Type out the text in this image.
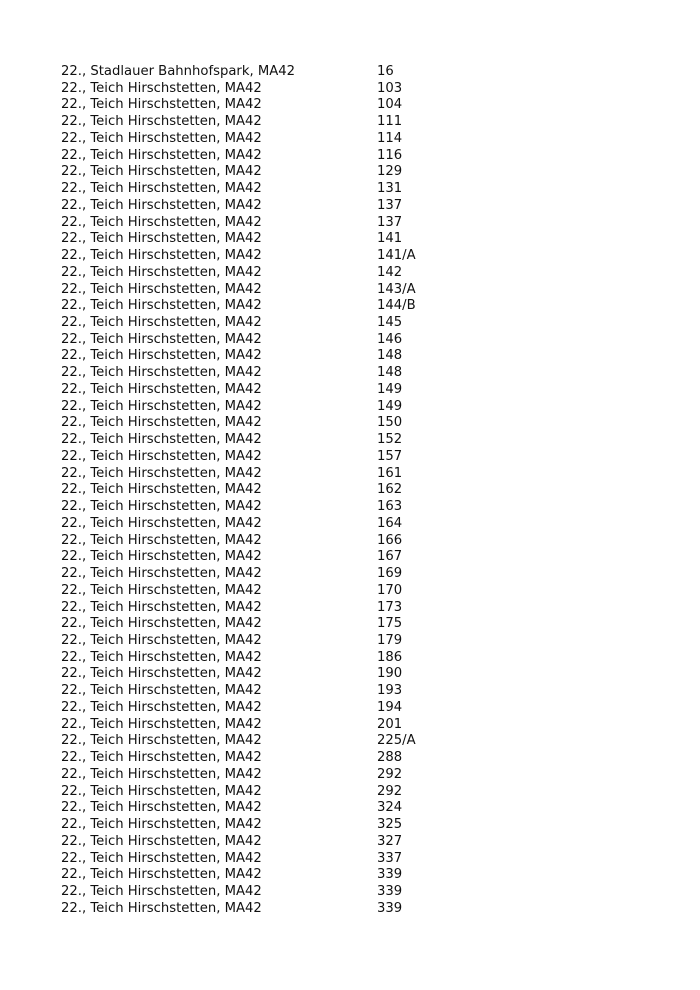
22., Stadlauer Bahnhofspark, MA42	16
22., Teich Hirschstetten, MA42	103
22., Teich Hirschstetten, MA42	104
22., Teich Hirschstetten, MA42	111
22., Teich Hirschstetten, MA42	114
22., Teich Hirschstetten, MA42	116
22., Teich Hirschstetten, MA42	129
22., Teich Hirschstetten, MA42	131
22., Teich Hirschstetten, MA42	137
22., Teich Hirschstetten, MA42	137
22., Teich Hirschstetten, MA42	141
22., Teich Hirschstetten, MA42	141/A
22., Teich Hirschstetten, MA42	142
22., Teich Hirschstetten, MA42	143/A
22., Teich Hirschstetten, MA42	144/B
22., Teich Hirschstetten, MA42	145
22., Teich Hirschstetten, MA42	146
22., Teich Hirschstetten, MA42	148
22., Teich Hirschstetten, MA42	148
22., Teich Hirschstetten, MA42	149
22., Teich Hirschstetten, MA42	149
22., Teich Hirschstetten, MA42	150
22., Teich Hirschstetten, MA42	152
22., Teich Hirschstetten, MA42	157
22., Teich Hirschstetten, MA42	161
22., Teich Hirschstetten, MA42	162
22., Teich Hirschstetten, MA42	163
22., Teich Hirschstetten, MA42	164
22., Teich Hirschstetten, MA42	166
22., Teich Hirschstetten, MA42	167
22., Teich Hirschstetten, MA42	169
22., Teich Hirschstetten, MA42	170
22., Teich Hirschstetten, MA42	173
22., Teich Hirschstetten, MA42	175
22., Teich Hirschstetten, MA42	179
22., Teich Hirschstetten, MA42	186
22., Teich Hirschstetten, MA42	190
22., Teich Hirschstetten, MA42	193
22., Teich Hirschstetten, MA42	194
22., Teich Hirschstetten, MA42	201
22., Teich Hirschstetten, MA42	225/A
22., Teich Hirschstetten, MA42	288
22., Teich Hirschstetten, MA42	292
22., Teich Hirschstetten, MA42	292
22., Teich Hirschstetten, MA42	324
22., Teich Hirschstetten, MA42	325
22., Teich Hirschstetten, MA42	327
22., Teich Hirschstetten, MA42	337
22., Teich Hirschstetten, MA42	339
22., Teich Hirschstetten, MA42	339
22., Teich Hirschstetten, MA42	339
